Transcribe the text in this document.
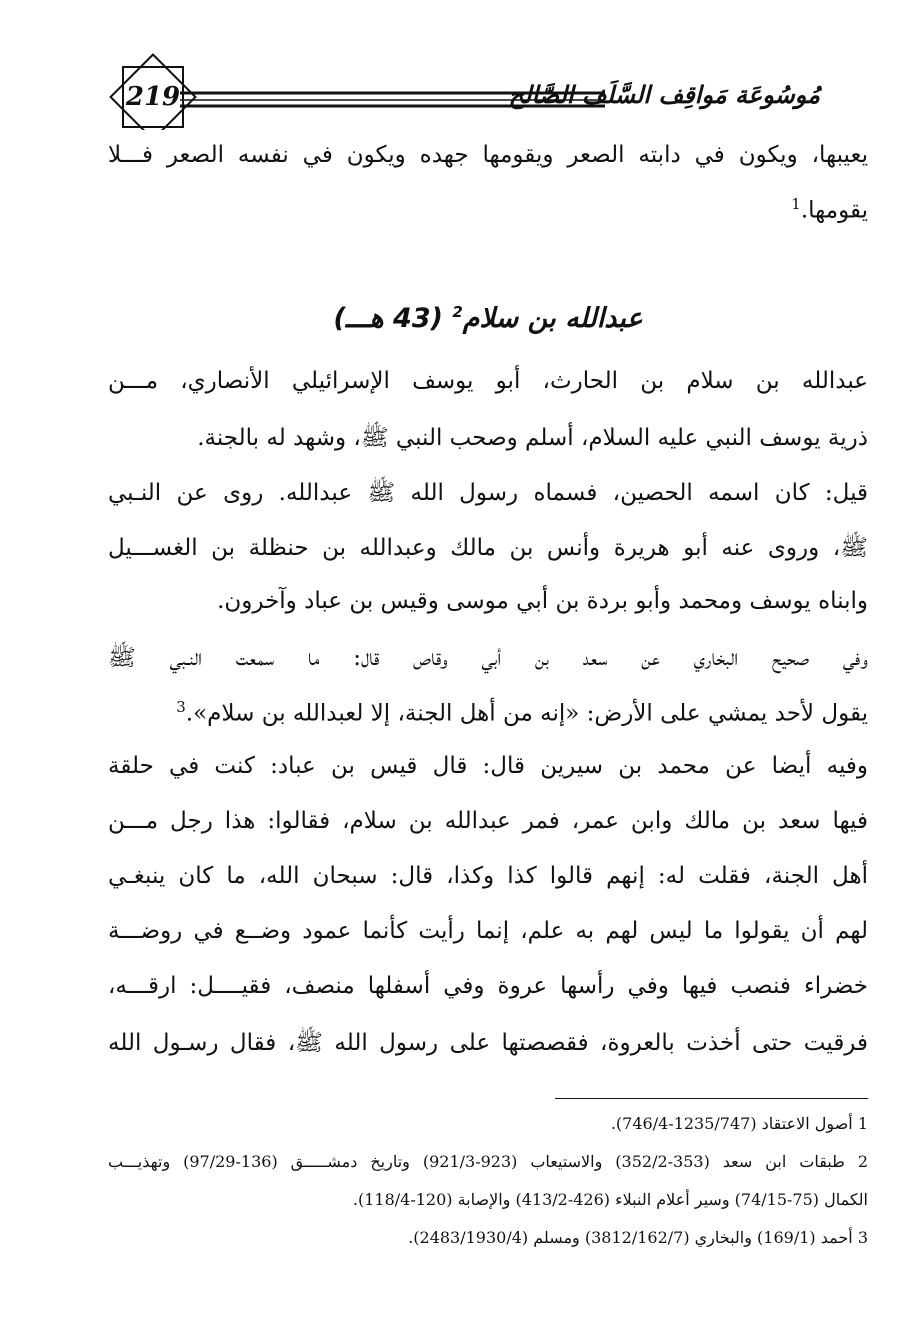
219	مُوسُوعَة مَواقِف السَّلَف الصَّالح
يعيبها، ويكون في دابته الصعر ويقومها جهده ويكون في نفسه الصعر فـــلا
يقومها.$^1$
عبدالله بن سلام$^2$ (43 هـــ)
عبدالله بن سلام بن الحارث، أبو يوسف الإسرائيلي الأنصاري، مـــن
ذرية يوسف النبي عليه السلام، أسلم وصحب النبي ﷺ، وشهد له بالجنة.
قيل: كان اسمه الحصين، فسماه رسول الله ﷺ عبدالله. روى عن النـبي
ﷺ، وروى عنه أبو هريرة وأنس بن مالك وعبدالله بن حنظلة بن الغســـيل
وابناه يوسف ومحمد وأبو بردة بن أبي موسى وقيس بن عباد وآخرون.
وفي صحيح البخاري عن سعد بن أبي وقاص قال: ما سمعت النـبي ﷺ
يقول لأحد يمشي على الأرض: «إنه من أهل الجنة، إلا لعبدالله بن سلام».$^3$
وفيه أيضا عن محمد بن سيرين قال: قال قيس بن عباد: كنت في حلقة
فيها سعد بن مالك وابن عمر، فمر عبدالله بن سلام، فقالوا: هذا رجل مـــن
أهل الجنة، فقلت له: إنهم قالوا كذا وكذا، قال: سبحان الله، ما كان ينبغـي
لهم أن يقولوا ما ليس لهم به علم، إنما رأيت كأنما عمود وضــع في روضـــة
خضراء فنصب فيها وفي رأسها عروة وفي أسفلها منصف، فقيــــل: ارقـــه،
فرقيت حتى أخذت بالعروة، فقصصتها على رسول الله ﷺ، فقال رسـول الله
1 أصول الاعتقاد (1235/747-746/4).
2 طبقات ابن سعد (353-352/2) والاستيعاب (923-921/3) وتاريخ دمشـــــق (136-97/29) وتهذيـــب
الكمال (75-74/15) وسير أعلام النبلاء (426-413/2) والإصابة (120-118/4).
3 أحمد (169/1) والبخاري (3812/162/7) ومسلم (2483/1930/4).
